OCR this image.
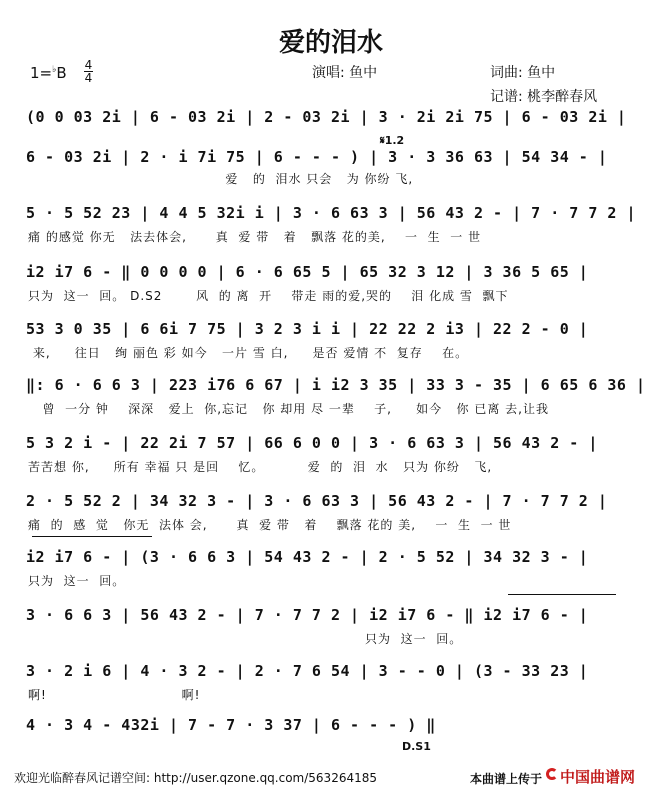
爱的泪水
1=♭B 4
4	演唱: 鱼中	词曲: 鱼中
记谱: 桃李醉春风
(0 0 03 2i | 6 - 03 2i | 2 - 03 2i | 3 · 2i 2i 75 | 6 - 03 2i |
𝄋1.2
6 - 03 2i | 2 · i 7i 75 | 6 - - - ) | 3 · 3 36 63 | 54 34 - |
爱   的  泪水 只会   为 你纷 飞,
5 · 5 52 23 | 4 4 5 32i i | 3 · 6 63 3 | 56 43 2 - | 7 · 7 7 2 |
痛 的感觉 你无   法去体会,      真  爱 带   着   飘落 花的美,    一  生  一 世
i2 i7 6 - ‖ 0 0 0 0 | 6 · 6 65 5 | 65 32 3 12 | 3 36 5 65 |
只为  这一  回。 D.S2       风  的 离  开    带走 雨的爱,哭的    泪 化成 雪  飘下
53 3 0 35 | 6 6i 7 75 | 3 2 3 i i | 22 22 2 i3 | 22 2 - 0 |
来,     往日   绚 丽色 彩 如今   一片 雪 白,     是否 爱情 不  复存    在。
‖: 6 · 6 6 3 | 223 i76 6 67 | i i2 3 35 | 33 3 - 35 | 6 65 6 36 |
曾  一分 钟    深深   爱上  你,忘记   你 却用 尽 一辈    子,     如今   你 已离 去,让我
5 3 2 i - | 22 2i 7 57 | 66 6 0 0 | 3 · 6 63 3 | 56 43 2 - |
苦苦想 你,     所有 幸福 只 是回    忆。         爱  的  泪  水   只为 你纷   飞,
2 · 5 52 2 | 34 32 3 - | 3 · 6 63 3 | 56 43 2 - | 7 · 7 7 2 |
痛  的  感  觉   你无  法体 会,      真  爱 带   着    飘落 花的 美,    一  生  一 世
i2 i7 6 - | (3 · 6 6 3 | 54 43 2 - | 2 · 5 52 | 34 32 3 - |
只为  这一  回。
3 · 6 6 3 | 56 43 2 - | 7 · 7 7 2 | i2 i7 6 - ‖ i2 i7 6 - |
只为  这一  回。
3 · 2 i 6 | 4 · 3 2 - | 2 · 7 6 54 | 3 - - 0 | (3 - 33 23 |
啊!                            啊!
4 · 3 4 - 432i | 7 - 7 · 3 37 | 6 - - - ) ‖
D.S1
欢迎光临醉春风记谱空间: http://user.qzone.qq.com/563264185	本曲谱上传于 中国曲谱网
